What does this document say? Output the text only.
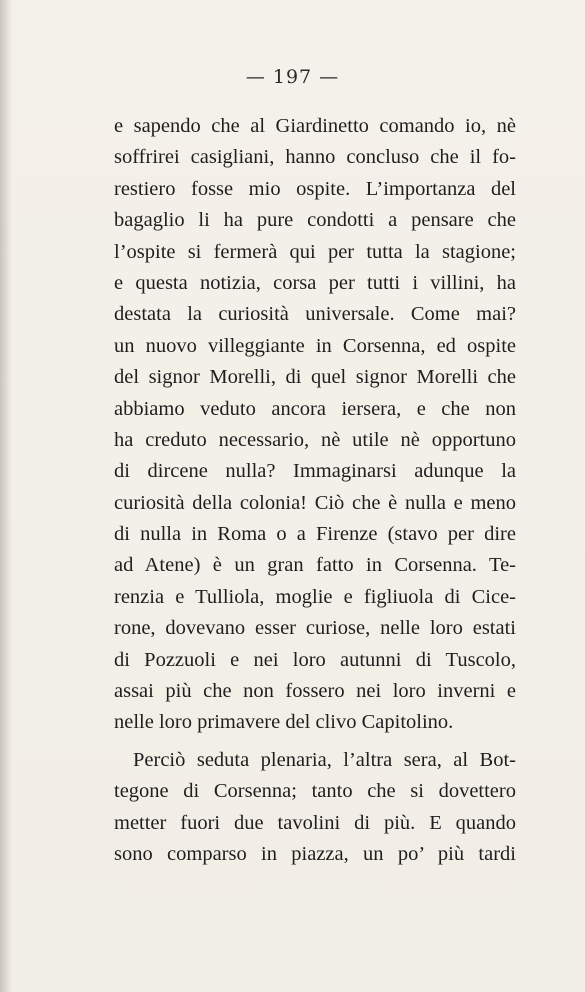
— 197 —
e sapendo che al Giardinetto comando io, nè
soffrirei casigliani, hanno concluso che il fo-
restiero fosse mio ospite. L’importanza del
bagaglio li ha pure condotti a pensare che
l’ospite si fermerà qui per tutta la stagione;
e questa notizia, corsa per tutti i villini, ha
destata la curiosità universale. Come mai?
un nuovo villeggiante in Corsenna, ed ospite
del signor Morelli, di quel signor Morelli che
abbiamo veduto ancora iersera, e che non
ha creduto necessario, nè utile nè opportuno
di dircene nulla? Immaginarsi adunque la
curiosità della colonia! Ciò che è nulla e meno
di nulla in Roma o a Firenze (stavo per dire
ad Atene) è un gran fatto in Corsenna. Te-
renzia e Tulliola, moglie e figliuola di Cice-
rone, dovevano esser curiose, nelle loro estati
di Pozzuoli e nei loro autunni di Tuscolo,
assai più che non fossero nei loro inverni e
nelle loro primavere del clivo Capitolino.
Perciò seduta plenaria, l’altra sera, al Bot-
tegone di Corsenna; tanto che si dovettero
metter fuori due tavolini di più. E quando
sono comparso in piazza, un po’ più tardi
